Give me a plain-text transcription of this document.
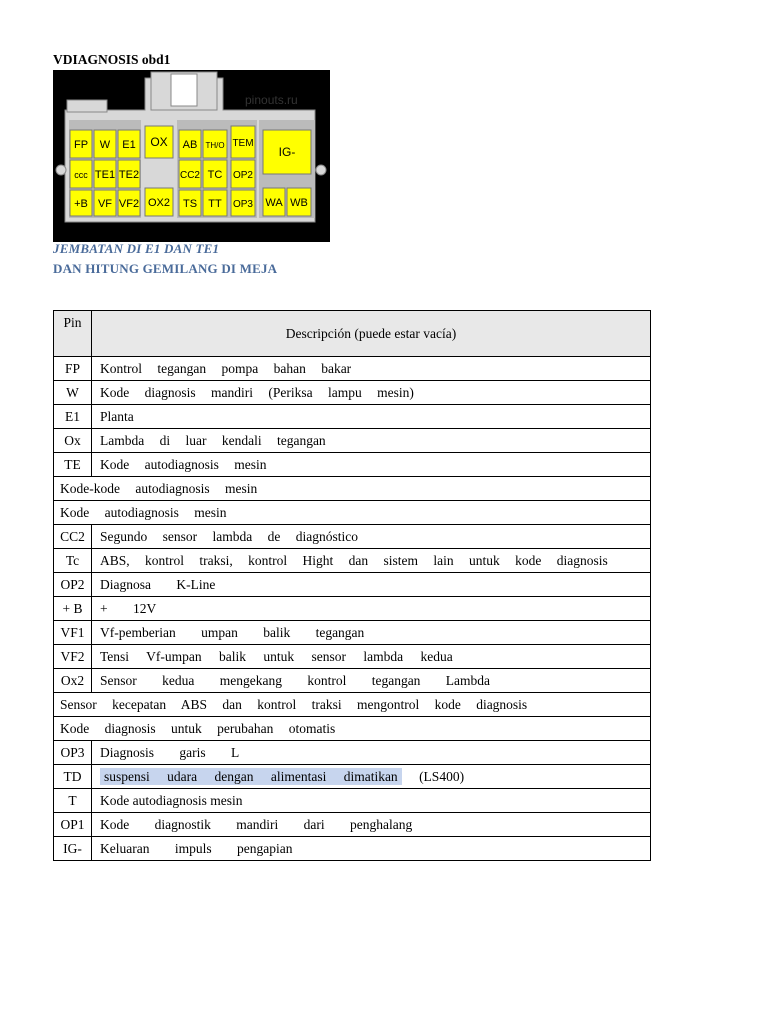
VDIAGNOSIS obd1
pinouts.ru
FP
ccc
+B
W
TE1
VF
E1
TE2
VF2
OX
OX2
AB
CC2
TS
TH/O
TC
TT
TEM
OP2
OP3
IG-
WA WB
JEMBATAN DI E1 DAN TE1
DAN HITUNG GEMILANG DI MEJA
Pin	Descripción (puede estar vacía)
FP	Kontrol tegangan pompa bahan bakar
W	Kode diagnosis mandiri (Periksa lampu mesin)
E1	Planta
Ox	Lambda di luar kendali tegangan
TE	Kode autodiagnosis mesin
Kode-kode autodiagnosis mesin	
Kode autodiagnosis mesin	
CC2	Segundo sensor lambda de diagnóstico
Tc	ABS, kontrol traksi, kontrol Hight dan sistem lain untuk kode diagnosis
OP2	Diagnosa K-Line
+ B	+ 12V
VF1	Vf-pemberian umpan balik tegangan
VF2	Tensi Vf-umpan balik untuk sensor lambda kedua
Ox2	Sensor kedua mengekang kontrol tegangan Lambda
Sensor kecepatan ABS dan kontrol traksi mengontrol kode diagnosis	
Kode diagnosis untuk perubahan otomatis	
OP3	Diagnosis garis L
TD	suspensi udara dengan alimentasi dimatikan (LS400)
T	Kode autodiagnosis mesin
OP1	Kode diagnostik mandiri dari penghalang
IG-	Keluaran impuls pengapian
